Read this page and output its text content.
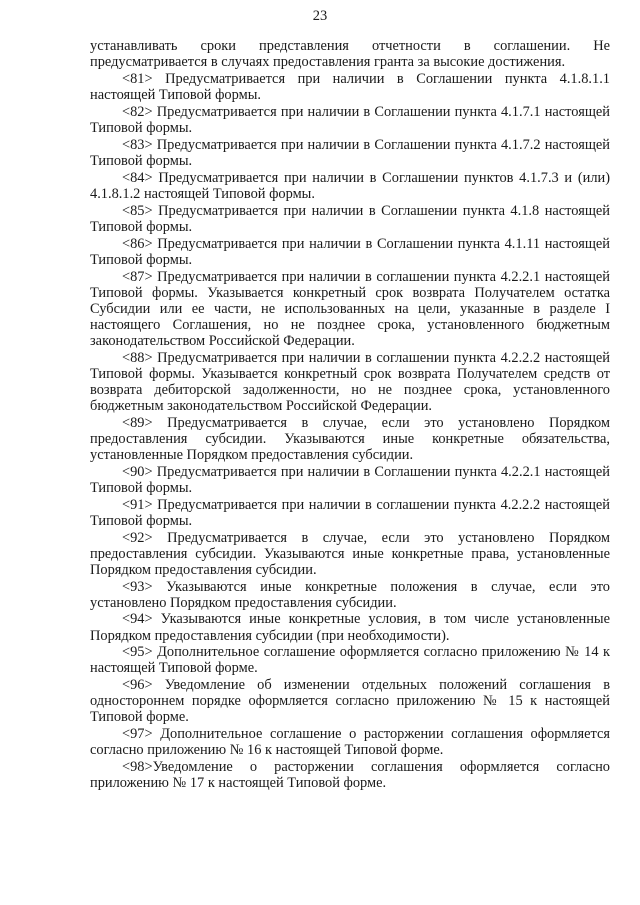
23

устанавливать сроки представления отчетности в соглашении. Не предусматривается в случаях предоставления гранта за высокие достижения.

<81> Предусматривается при наличии в Соглашении пункта 4.1.8.1.1 настоящей Типовой формы.

<82> Предусматривается при наличии в Соглашении пункта 4.1.7.1 настоящей Типовой формы.

<83> Предусматривается при наличии в Соглашении пункта 4.1.7.2 настоящей Типовой формы.

<84> Предусматривается при наличии в Соглашении пунктов 4.1.7.3 и (или) 4.1.8.1.2 настоящей Типовой формы.

<85> Предусматривается при наличии в Соглашении пункта 4.1.8 настоящей Типовой формы.

<86> Предусматривается при наличии в Соглашении пункта 4.1.11 настоящей Типовой формы.

<87> Предусматривается при наличии в соглашении пункта 4.2.2.1 настоящей Типовой формы. Указывается конкретный срок возврата Получателем остатка Субсидии или ее части, не использованных на цели, указанные в разделе I настоящего Соглашения, но не позднее срока, установленного бюджетным законодательством Российской Федерации.

<88> Предусматривается при наличии в соглашении пункта 4.2.2.2 настоящей Типовой формы. Указывается конкретный срок возврата Получателем средств от возврата дебиторской задолженности, но не позднее срока, установленного бюджетным законодательством Российской Федерации.

<89> Предусматривается в случае, если это установлено Порядком предоставления субсидии. Указываются иные конкретные обязательства, установленные Порядком предоставления субсидии.

<90> Предусматривается при наличии в Соглашении пункта 4.2.2.1 настоящей Типовой формы.

<91> Предусматривается при наличии в соглашении пункта 4.2.2.2 настоящей Типовой формы.

<92> Предусматривается в случае, если это установлено Порядком предоставления субсидии. Указываются иные конкретные права, установленные Порядком предоставления субсидии.

<93> Указываются иные конкретные положения в случае, если это установлено Порядком предоставления субсидии.

<94> Указываются иные конкретные условия, в том числе установленные Порядком предоставления субсидии (при необходимости).

<95> Дополнительное соглашение оформляется согласно приложению № 14 к настоящей Типовой форме.

<96> Уведомление об изменении отдельных положений соглашения в одностороннем порядке оформляется согласно приложению № 15 к настоящей Типовой форме.

<97> Дополнительное соглашение о расторжении соглашения оформляется согласно приложению № 16 к настоящей Типовой форме.

<98>Уведомление о расторжении соглашения оформляется согласно приложению № 17 к настоящей Типовой форме.
